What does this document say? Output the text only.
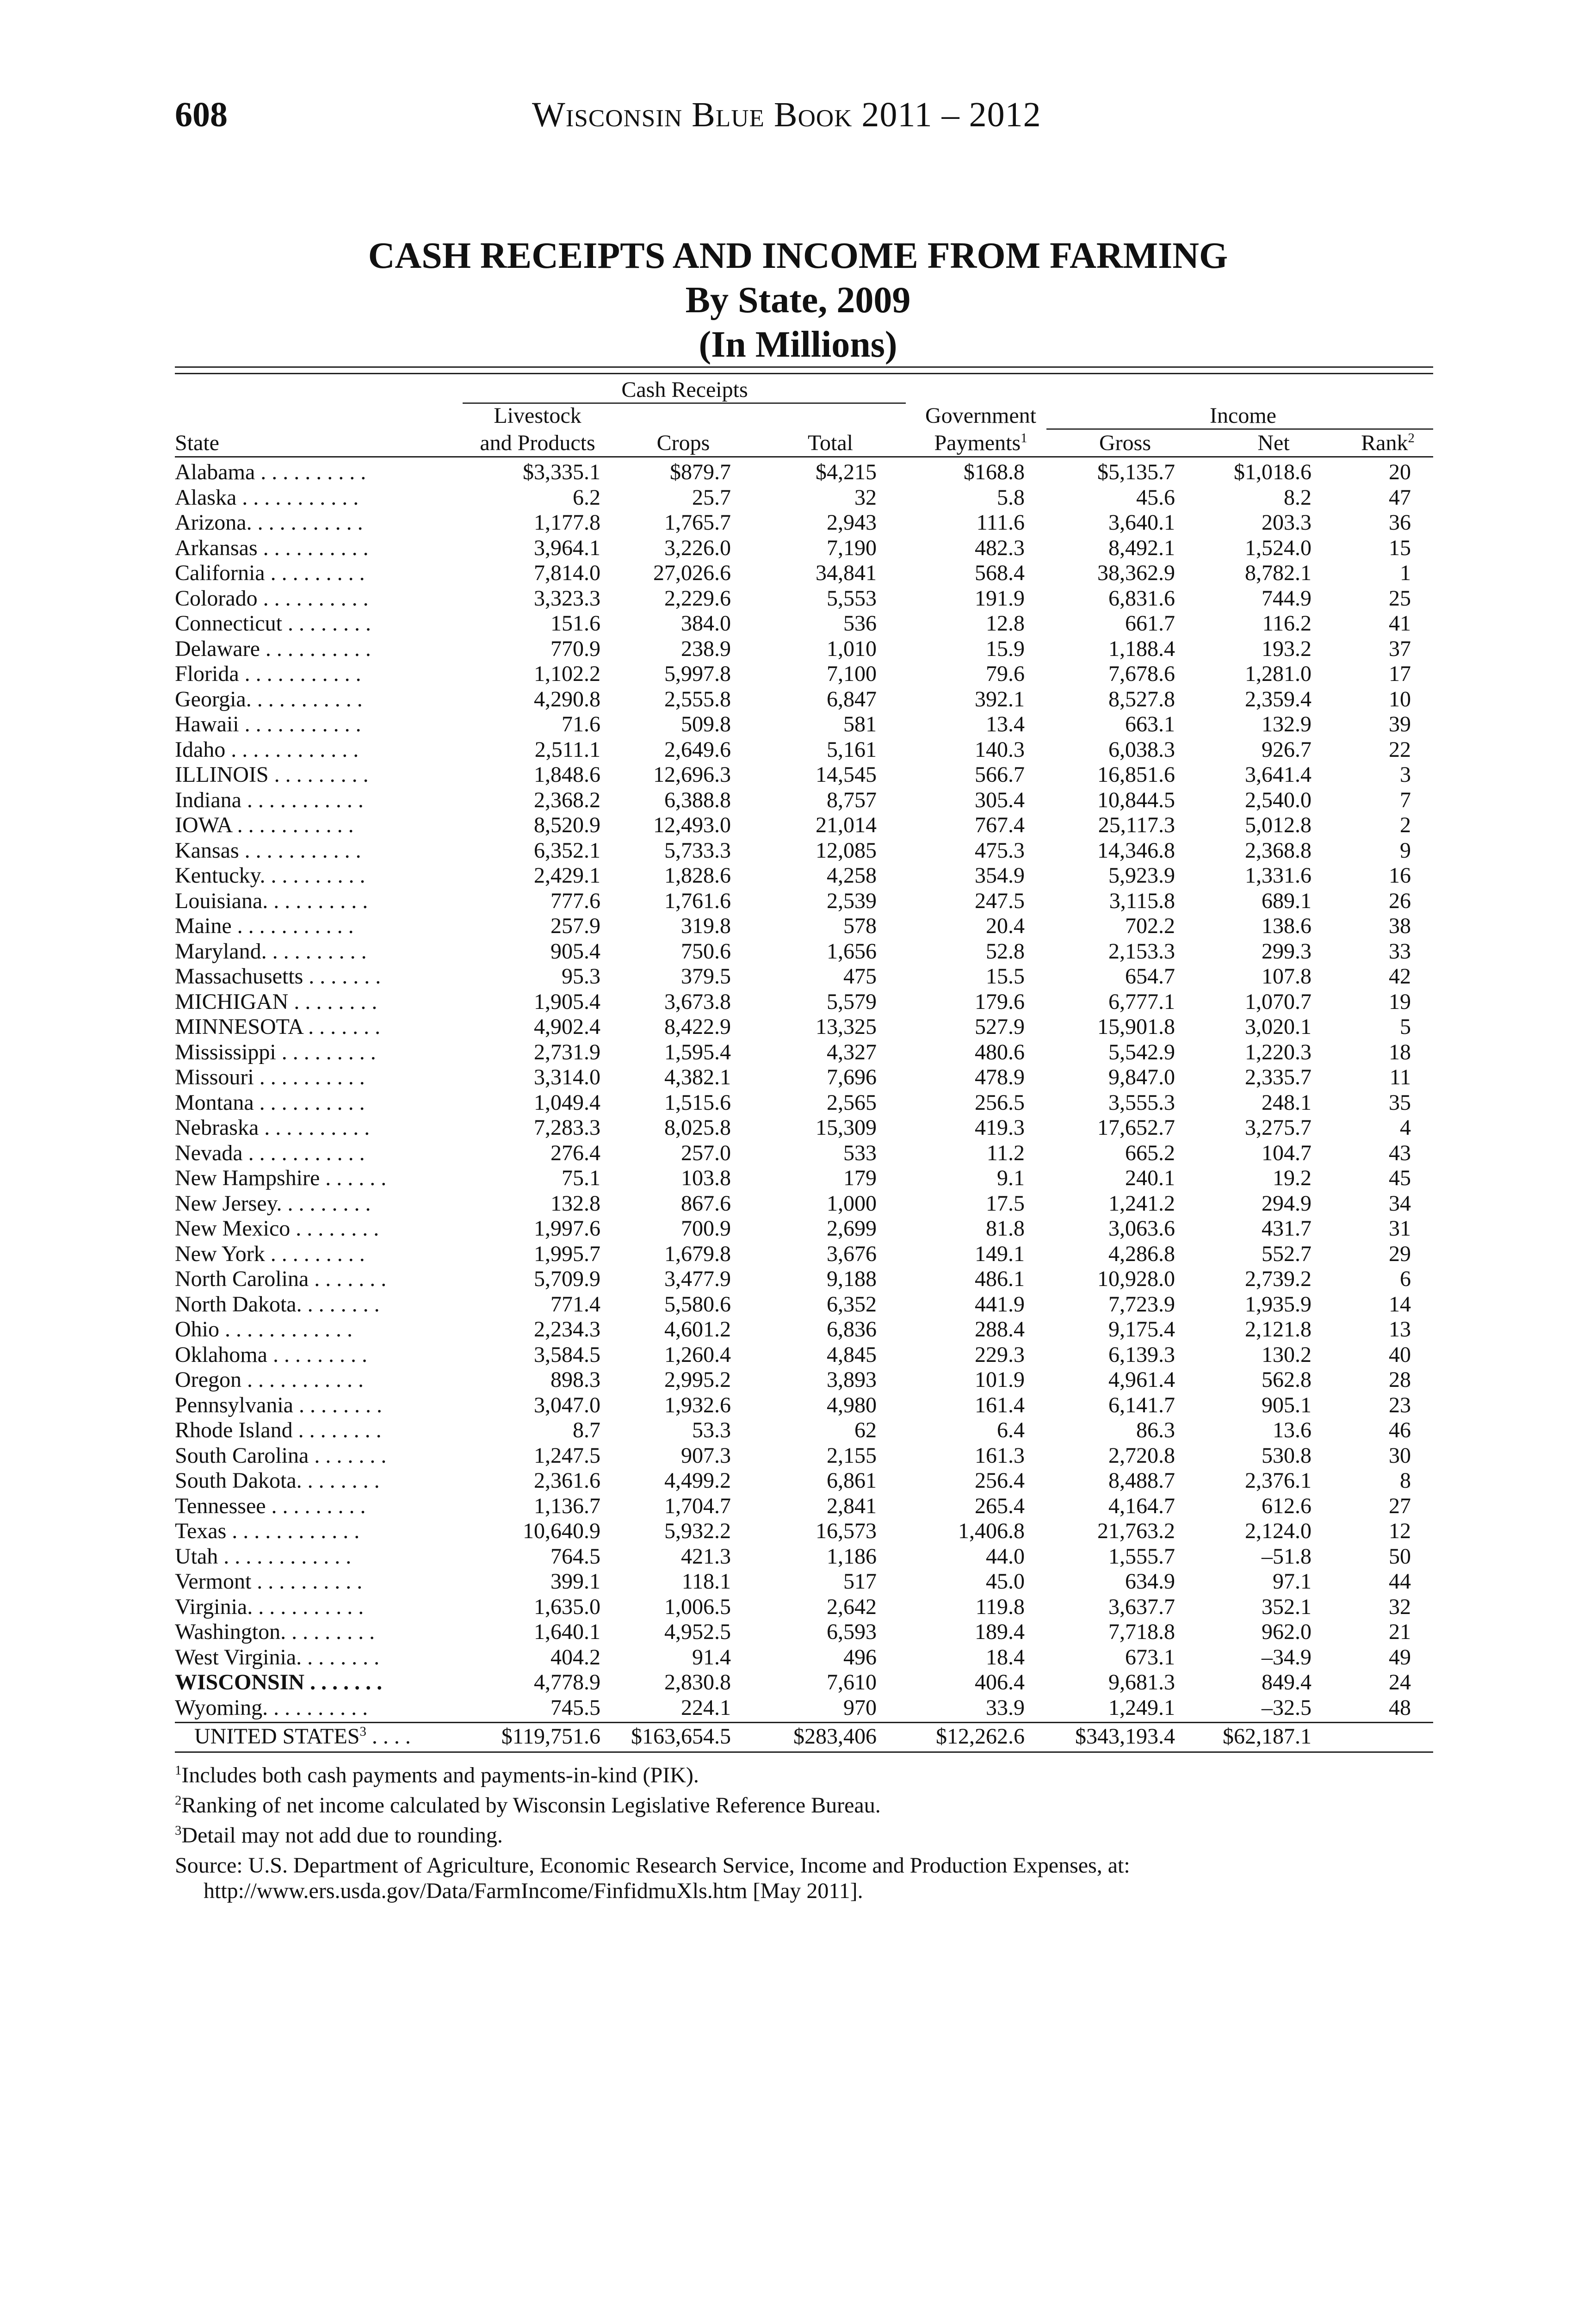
608	Wisconsin Blue Book 2011 – 2012
CASH RECEIPTS AND INCOME FROM FARMING
By State, 2009
(In Millions)
Cash Receipts
Livestock	Government	Income
State	and Products	Crops	Total	Payments$^1$	Gross	Net	Rank$^2$
Alabama . . . . . . . . . .	$3,335.1	$879.7	$4,215	$168.8	$5,135.7	$1,018.6	20
Alaska . . . . . . . . . . .	6.2	25.7	32	5.8	45.6	8.2	47
Arizona. . . . . . . . . . .	1,177.8	1,765.7	2,943	111.6	3,640.1	203.3	36
Arkansas . . . . . . . . . .	3,964.1	3,226.0	7,190	482.3	8,492.1	1,524.0	15
California . . . . . . . . .	7,814.0	27,026.6	34,841	568.4	38,362.9	8,782.1	1
Colorado . . . . . . . . . .	3,323.3	2,229.6	5,553	191.9	6,831.6	744.9	25
Connecticut . . . . . . . .	151.6	384.0	536	12.8	661.7	116.2	41
Delaware . . . . . . . . . .	770.9	238.9	1,010	15.9	1,188.4	193.2	37
Florida . . . . . . . . . . .	1,102.2	5,997.8	7,100	79.6	7,678.6	1,281.0	17
Georgia. . . . . . . . . . .	4,290.8	2,555.8	6,847	392.1	8,527.8	2,359.4	10
Hawaii . . . . . . . . . . .	71.6	509.8	581	13.4	663.1	132.9	39
Idaho . . . . . . . . . . . .	2,511.1	2,649.6	5,161	140.3	6,038.3	926.7	22
ILLINOIS . . . . . . . . .	1,848.6	12,696.3	14,545	566.7	16,851.6	3,641.4	3
Indiana . . . . . . . . . . .	2,368.2	6,388.8	8,757	305.4	10,844.5	2,540.0	7
IOWA . . . . . . . . . . .	8,520.9	12,493.0	21,014	767.4	25,117.3	5,012.8	2
Kansas . . . . . . . . . . .	6,352.1	5,733.3	12,085	475.3	14,346.8	2,368.8	9
Kentucky. . . . . . . . . .	2,429.1	1,828.6	4,258	354.9	5,923.9	1,331.6	16
Louisiana. . . . . . . . . .	777.6	1,761.6	2,539	247.5	3,115.8	689.1	26
Maine . . . . . . . . . . .	257.9	319.8	578	20.4	702.2	138.6	38
Maryland. . . . . . . . . .	905.4	750.6	1,656	52.8	2,153.3	299.3	33
Massachusetts . . . . . . .	95.3	379.5	475	15.5	654.7	107.8	42
MICHIGAN . . . . . . . .	1,905.4	3,673.8	5,579	179.6	6,777.1	1,070.7	19
MINNESOTA . . . . . . .	4,902.4	8,422.9	13,325	527.9	15,901.8	3,020.1	5
Mississippi . . . . . . . . .	2,731.9	1,595.4	4,327	480.6	5,542.9	1,220.3	18
Missouri . . . . . . . . . .	3,314.0	4,382.1	7,696	478.9	9,847.0	2,335.7	11
Montana . . . . . . . . . .	1,049.4	1,515.6	2,565	256.5	3,555.3	248.1	35
Nebraska . . . . . . . . . .	7,283.3	8,025.8	15,309	419.3	17,652.7	3,275.7	4
Nevada . . . . . . . . . . .	276.4	257.0	533	11.2	665.2	104.7	43
New Hampshire . . . . . .	75.1	103.8	179	9.1	240.1	19.2	45
New Jersey. . . . . . . . .	132.8	867.6	1,000	17.5	1,241.2	294.9	34
New Mexico . . . . . . . .	1,997.6	700.9	2,699	81.8	3,063.6	431.7	31
New York . . . . . . . . .	1,995.7	1,679.8	3,676	149.1	4,286.8	552.7	29
North Carolina . . . . . . .	5,709.9	3,477.9	9,188	486.1	10,928.0	2,739.2	6
North Dakota. . . . . . . .	771.4	5,580.6	6,352	441.9	7,723.9	1,935.9	14
Ohio . . . . . . . . . . . .	2,234.3	4,601.2	6,836	288.4	9,175.4	2,121.8	13
Oklahoma . . . . . . . . .	3,584.5	1,260.4	4,845	229.3	6,139.3	130.2	40
Oregon . . . . . . . . . . .	898.3	2,995.2	3,893	101.9	4,961.4	562.8	28
Pennsylvania . . . . . . . .	3,047.0	1,932.6	4,980	161.4	6,141.7	905.1	23
Rhode Island . . . . . . . .	8.7	53.3	62	6.4	86.3	13.6	46
South Carolina . . . . . . .	1,247.5	907.3	2,155	161.3	2,720.8	530.8	30
South Dakota. . . . . . . .	2,361.6	4,499.2	6,861	256.4	8,488.7	2,376.1	8
Tennessee . . . . . . . . .	1,136.7	1,704.7	2,841	265.4	4,164.7	612.6	27
Texas . . . . . . . . . . . .	10,640.9	5,932.2	16,573	1,406.8	21,763.2	2,124.0	12
Utah . . . . . . . . . . . .	764.5	421.3	1,186	44.0	1,555.7	–51.8	50
Vermont . . . . . . . . . .	399.1	118.1	517	45.0	634.9	97.1	44
Virginia. . . . . . . . . . .	1,635.0	1,006.5	2,642	119.8	3,637.7	352.1	32
Washington. . . . . . . . .	1,640.1	4,952.5	6,593	189.4	7,718.8	962.0	21
West Virginia. . . . . . . .	404.2	91.4	496	18.4	673.1	–34.9	49
WISCONSIN . . . . . . .	4,778.9	2,830.8	7,610	406.4	9,681.3	849.4	24
Wyoming. . . . . . . . . .	745.5	224.1	970	33.9	1,249.1	–32.5	48
UNITED STATES$^3$ . . . .	$119,751.6	$163,654.5	$283,406	$12,262.6	$343,193.4	$62,187.1
$^1$Includes both cash payments and payments-in-kind (PIK).
$^2$Ranking of net income calculated by Wisconsin Legislative Reference Bureau.
$^3$Detail may not add due to rounding.
Source: U.S. Department of Agriculture, Economic Research Service, Income and Production Expenses, at:
http://www.ers.usda.gov/Data/FarmIncome/FinfidmuXls.htm [May 2011].
